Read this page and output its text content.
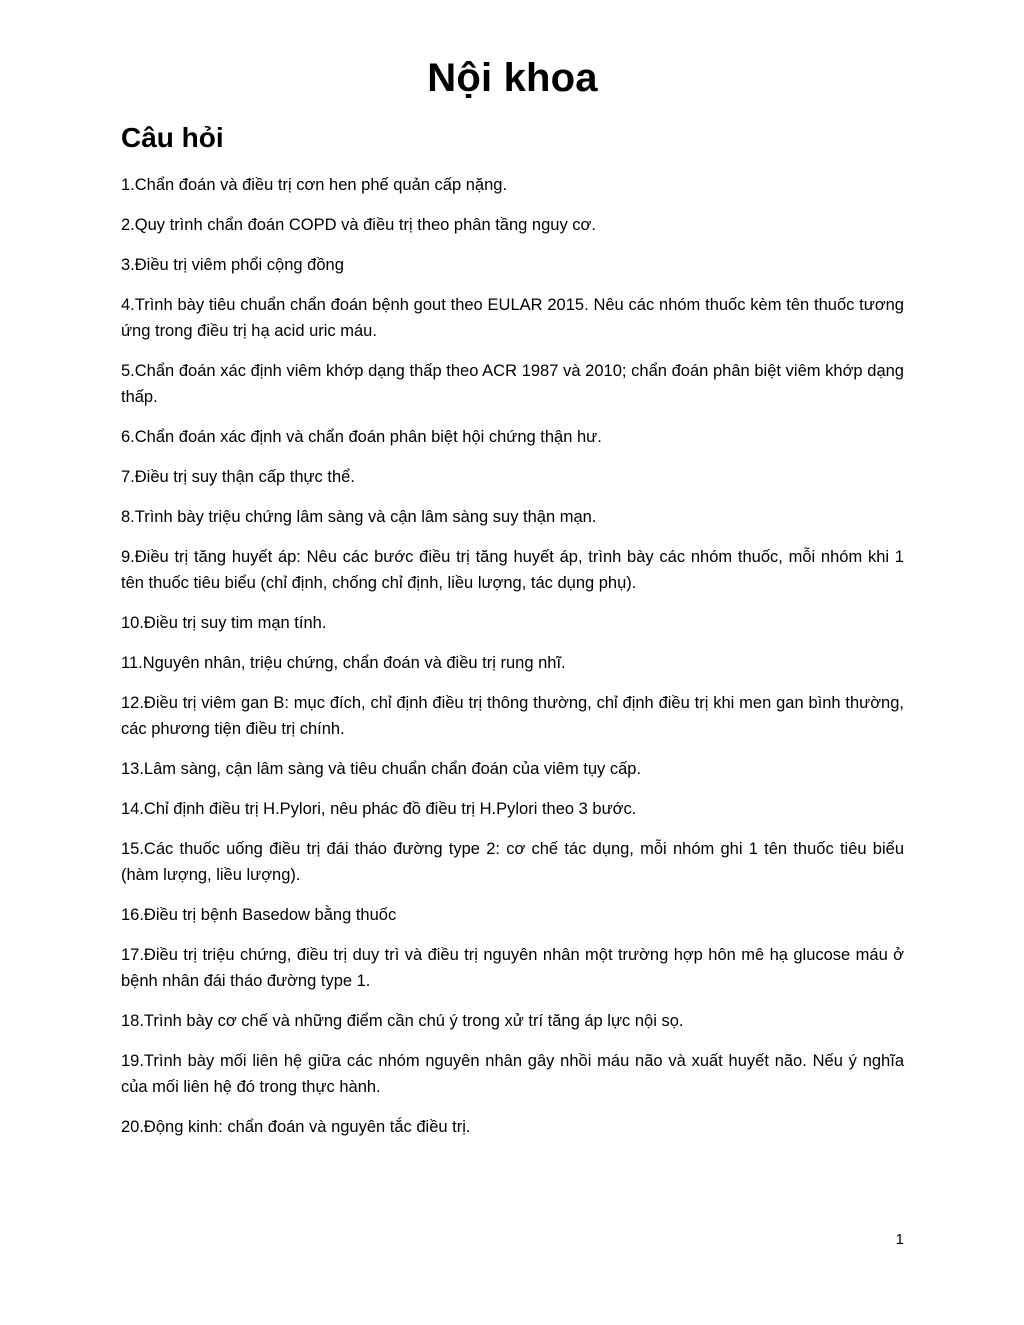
Nội khoa
Câu hỏi
1.Chẩn đoán và điều trị cơn hen phế quản cấp nặng.
2.Quy trình chẩn đoán COPD và điều trị theo phân tầng nguy cơ.
3.Điều trị viêm phổi cộng đồng
4.Trình bày tiêu chuẩn chẩn đoán bệnh gout theo EULAR 2015. Nêu các nhóm thuốc kèm tên thuốc tương ứng trong điều trị hạ acid uric máu.
5.Chẩn đoán xác định viêm khớp dạng thấp theo ACR 1987 và 2010; chẩn đoán phân biệt viêm khớp dạng thấp.
6.Chẩn đoán xác định và chẩn đoán phân biệt hội chứng thận hư.
7.Điều trị suy thận cấp thực thể.
8.Trình bày triệu chứng lâm sàng và cận lâm sàng suy thận mạn.
9.Điều trị tăng huyết áp: Nêu các bước điều trị tăng huyết áp, trình bày các nhóm thuốc, mỗi nhóm khi 1 tên thuốc tiêu biểu (chỉ định, chống chỉ định, liều lượng, tác dụng phụ).
10.Điều trị suy tim mạn tính.
11.Nguyên nhân, triệu chứng, chẩn đoán và điều trị rung nhĩ.
12.Điều trị viêm gan B: mục đích, chỉ định điều trị thông thường, chỉ định điều trị khi men gan bình thường, các phương tiện điều trị chính.
13.Lâm sàng, cận lâm sàng và tiêu chuẩn chẩn đoán của viêm tụy cấp.
14.Chỉ định điều trị H.Pylori, nêu phác đồ điều trị H.Pylori theo 3 bước.
15.Các thuốc uống điều trị đái tháo đường type 2: cơ chế tác dụng, mỗi nhóm ghi 1 tên thuốc tiêu biểu (hàm lượng, liều lượng).
16.Điều trị bệnh Basedow bằng thuốc
17.Điều trị triệu chứng, điều trị duy trì và điều trị nguyên nhân một trường hợp hôn mê hạ glucose máu ở bệnh nhân đái tháo đường type 1.
18.Trình bày cơ chế và những điểm cần chú ý trong xử trí tăng áp lực nội sọ.
19.Trình bày mối liên hệ giữa các nhóm nguyên nhân gây nhồi máu não và xuất huyết não. Nếu ý nghĩa của mối liên hệ đó trong thực hành.
20.Động kinh: chẩn đoán và nguyên tắc điều trị.
1
